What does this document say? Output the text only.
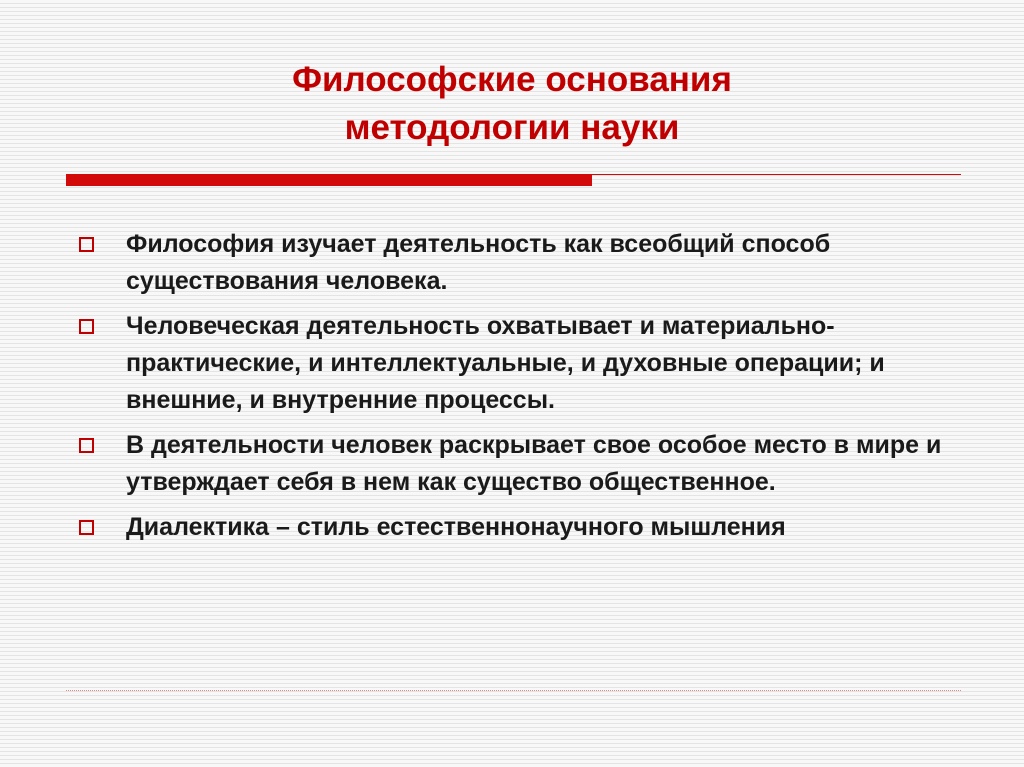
Философские основания
методологии науки
Философия изучает деятельность как всеобщий способ существования человека.
Человеческая деятельность охватывает и материально-практические, и интеллектуальные, и духовные операции; и внешние, и внутренние процессы.
В деятельности человек раскрывает свое особое место в мире и утверждает себя в нем как существо общественное.
Диалектика – стиль естественнонаучного мышления
